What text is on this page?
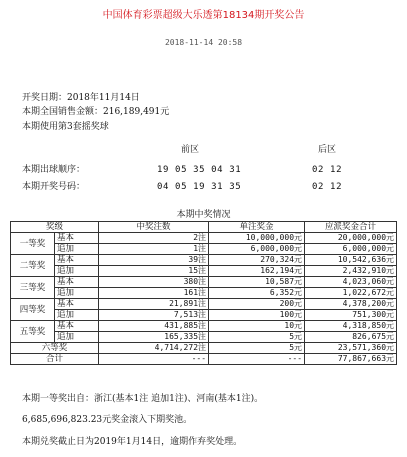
中国体育彩票超级大乐透第18134期开奖公告
2018-11-14 20:58
开奖日期：2018年11月14日
本期全国销售金额：216,189,491元
本期使用第3套摇奖球
前区	后区
本期出球顺序：	19 05 35 04 31	02 12
本期开奖号码：	04 05 19 31 35	02 12
本期中奖情况
奖级		中奖注数	单注奖金	应派奖金合计
一等奖	基本	2注	10,000,000元	20,000,000元
	追加	1注	6,000,000元	6,000,000元
二等奖	基本	39注	270,324元	10,542,636元
	追加	15注	162,194元	2,432,910元
三等奖	基本	380注	10,587元	4,023,060元
	追加	161注	6,352元	1,022,672元
四等奖	基本	21,891注	200元	4,378,200元
	追加	7,513注	100元	751,300元
五等奖	基本	431,885注	10元	4,318,850元
	追加	165,335注	5元	826,675元
六等奖		4,714,272注	5元	23,571,360元
合计		---	---	77,867,663元
本期一等奖出自：浙江(基本1注 追加1注)、河南(基本1注)。
6,685,696,823.23元奖金滚入下期奖池。
本期兑奖截止日为2019年1月14日，逾期作弃奖处理。
